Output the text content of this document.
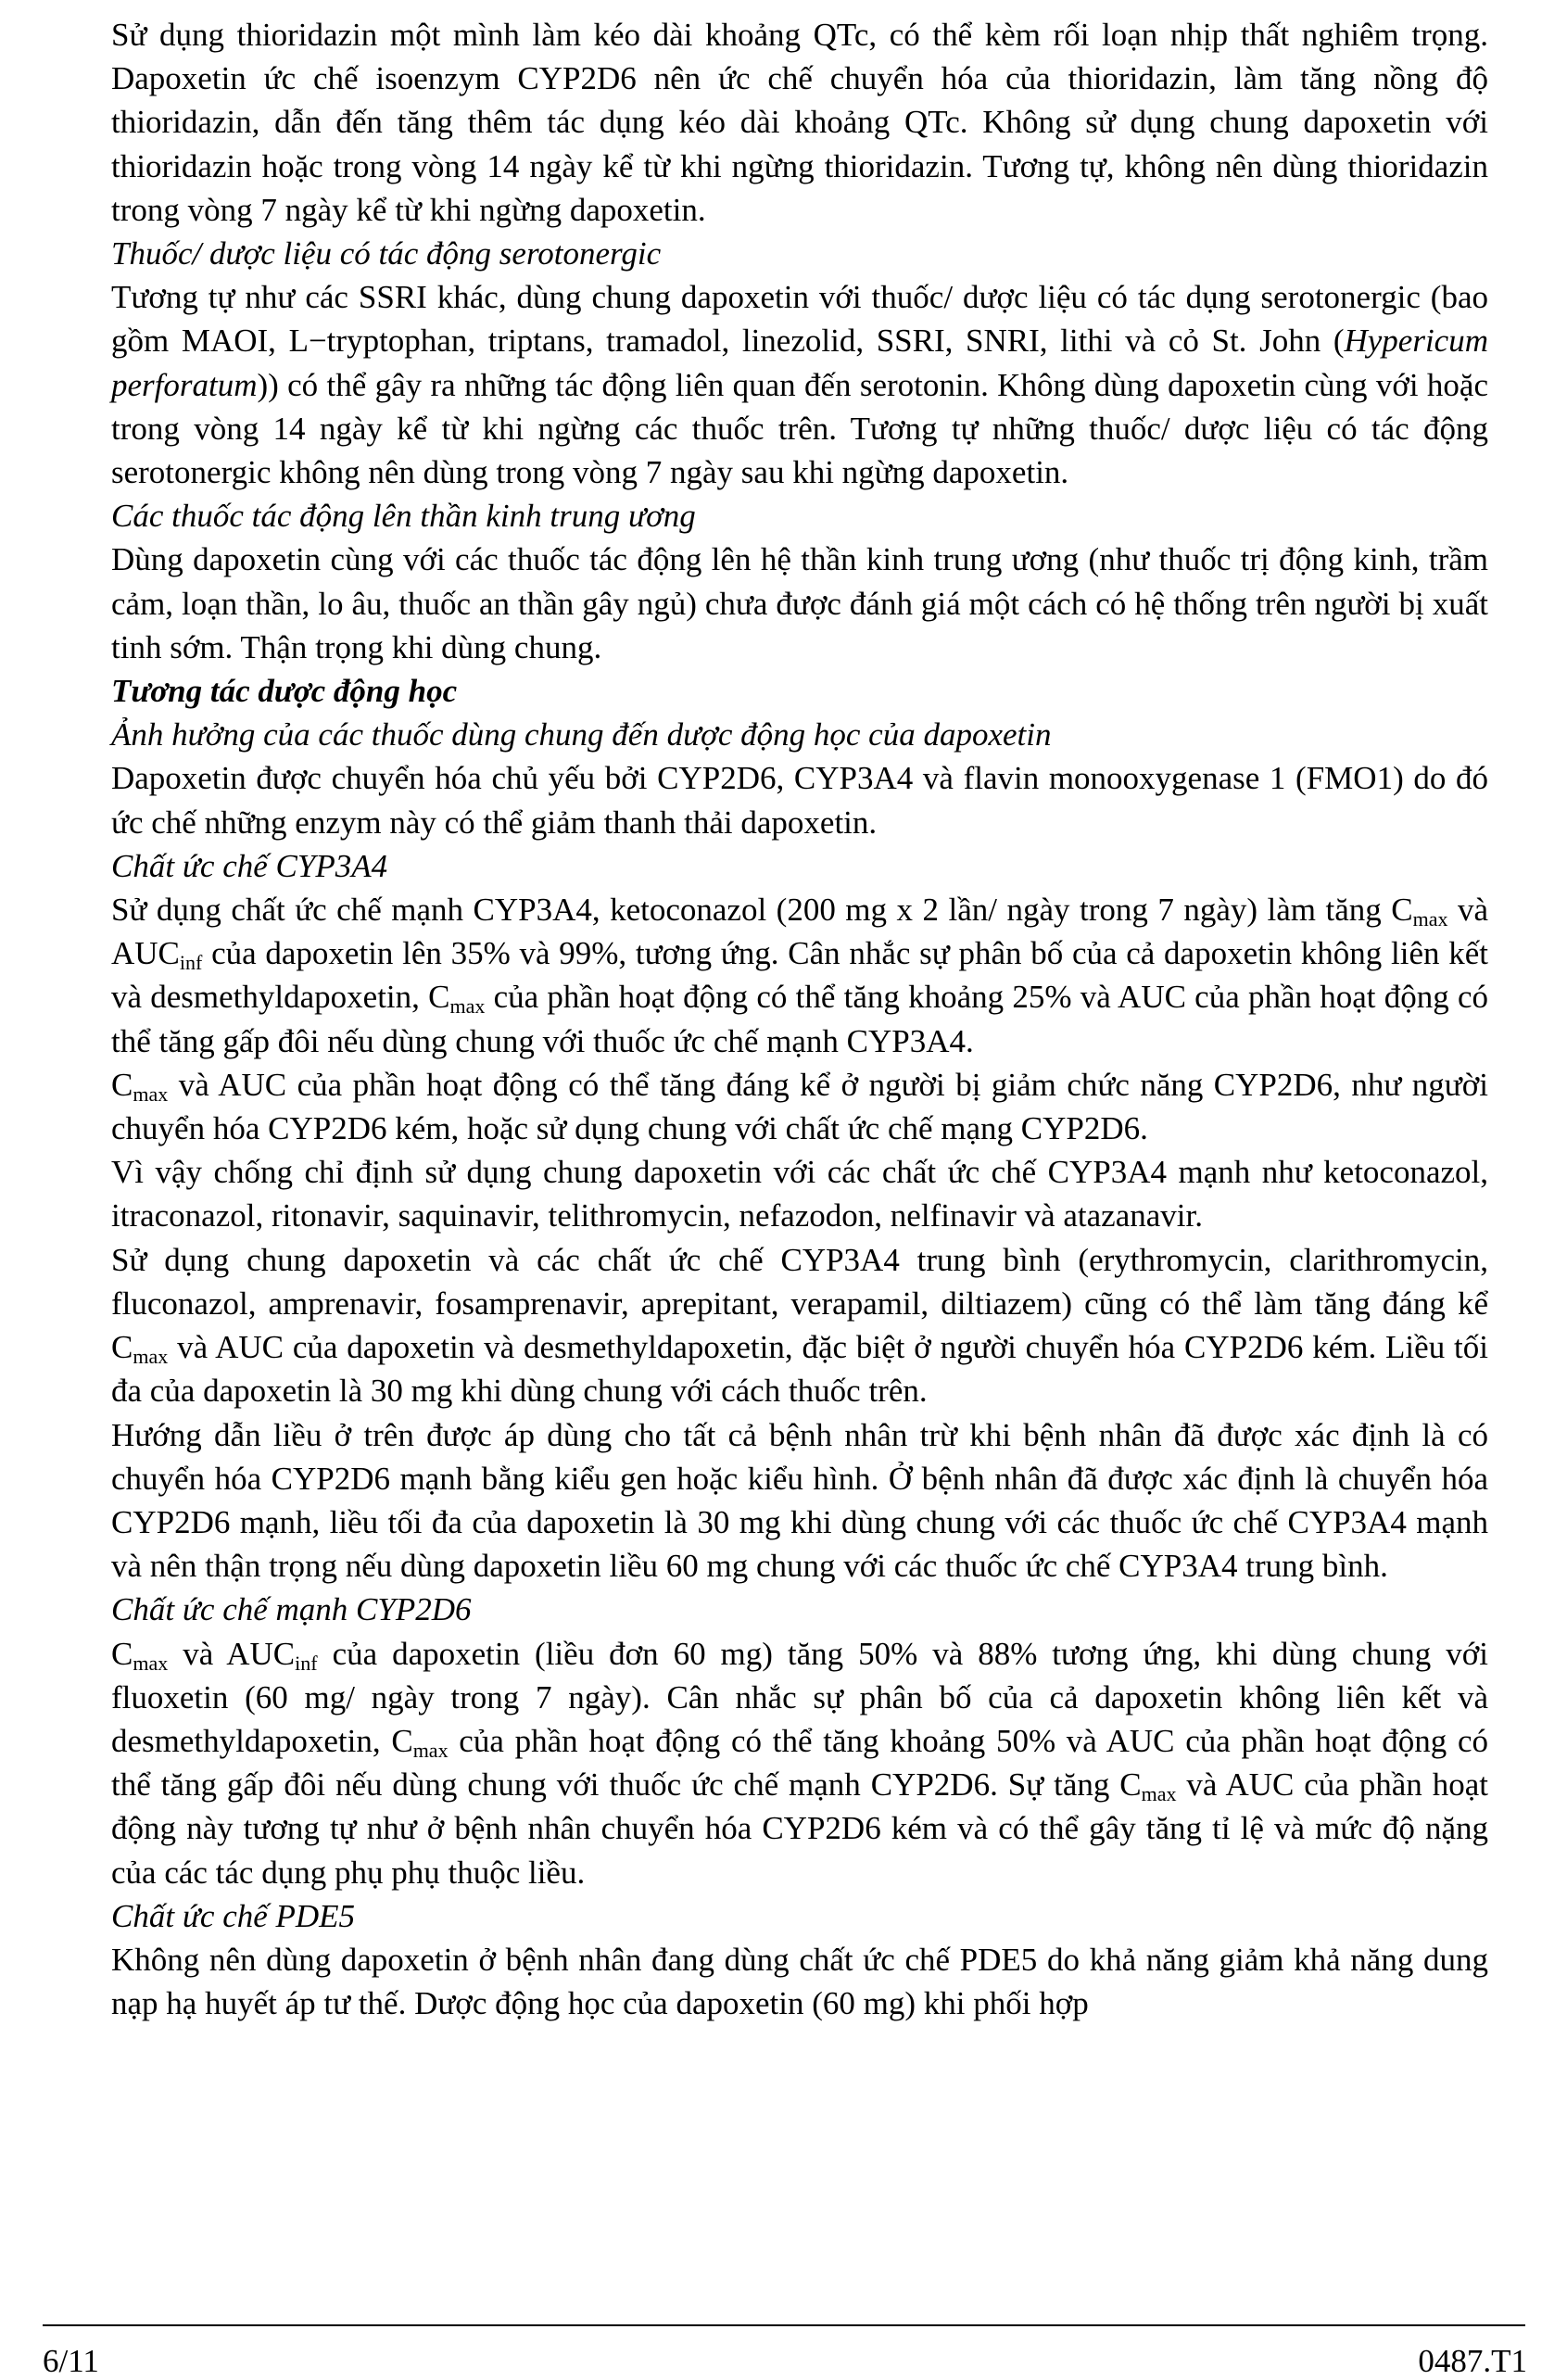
Sử dụng thioridazin một mình làm kéo dài khoảng QTc, có thể kèm rối loạn nhịp thất nghiêm trọng. Dapoxetin ức chế isoenzym CYP2D6 nên ức chế chuyển hóa của thioridazin, làm tăng nồng độ thioridazin, dẫn đến tăng thêm tác dụng kéo dài khoảng QTc. Không sử dụng chung dapoxetin với thioridazin hoặc trong vòng 14 ngày kể từ khi ngừng thioridazin. Tương tự, không nên dùng thioridazin trong vòng 7 ngày kể từ khi ngừng dapoxetin.

Thuốc/ dược liệu có tác động serotonergic

Tương tự như các SSRI khác, dùng chung dapoxetin với thuốc/ dược liệu có tác dụng serotonergic (bao gồm MAOI, L−tryptophan, triptans, tramadol, linezolid, SSRI, SNRI, lithi và cỏ St. John (Hypericum perforatum)) có thể gây ra những tác động liên quan đến serotonin. Không dùng dapoxetin cùng với hoặc trong vòng 14 ngày kể từ khi ngừng các thuốc trên. Tương tự những thuốc/ dược liệu có tác động serotonergic không nên dùng trong vòng 7 ngày sau khi ngừng dapoxetin.

Các thuốc tác động lên thần kinh trung ương

Dùng dapoxetin cùng với các thuốc tác động lên hệ thần kinh trung ương (như thuốc trị động kinh, trầm cảm, loạn thần, lo âu, thuốc an thần gây ngủ) chưa được đánh giá một cách có hệ thống trên người bị xuất tinh sớm. Thận trọng khi dùng chung.

Tương tác dược động học

Ảnh hưởng của các thuốc dùng chung đến dược động học của dapoxetin

Dapoxetin được chuyển hóa chủ yếu bởi CYP2D6, CYP3A4 và flavin monooxygenase 1 (FMO1) do đó ức chế những enzym này có thể giảm thanh thải dapoxetin.

Chất ức chế CYP3A4

Sử dụng chất ức chế mạnh CYP3A4, ketoconazol (200 mg x 2 lần/ ngày trong 7 ngày) làm tăng $C_{max}$ và $AUC_{inf}$ của dapoxetin lên 35% và 99%, tương ứng. Cân nhắc sự phân bố của cả dapoxetin không liên kết và desmethyldapoxetin, $C_{max}$ của phần hoạt động có thể tăng khoảng 25% và AUC của phần hoạt động có thể tăng gấp đôi nếu dùng chung với thuốc ức chế mạnh CYP3A4.

$C_{max}$ và AUC của phần hoạt động có thể tăng đáng kể ở người bị giảm chức năng CYP2D6, như người chuyển hóa CYP2D6 kém, hoặc sử dụng chung với chất ức chế mạng CYP2D6.

Vì vậy chống chỉ định sử dụng chung dapoxetin với các chất ức chế CYP3A4 mạnh như ketoconazol, itraconazol, ritonavir, saquinavir, telithromycin, nefazodon, nelfinavir và atazanavir.

Sử dụng chung dapoxetin và các chất ức chế CYP3A4 trung bình (erythromycin, clarithromycin, fluconazol, amprenavir, fosamprenavir, aprepitant, verapamil, diltiazem) cũng có thể làm tăng đáng kể $C_{max}$ và AUC của dapoxetin và desmethyldapoxetin, đặc biệt ở người chuyển hóa CYP2D6 kém. Liều tối đa của dapoxetin là 30 mg khi dùng chung với cách thuốc trên.

Hướng dẫn liều ở trên được áp dùng cho tất cả bệnh nhân trừ khi bệnh nhân đã được xác định là có chuyển hóa CYP2D6 mạnh bằng kiểu gen hoặc kiểu hình. Ở bệnh nhân đã được xác định là chuyển hóa CYP2D6 mạnh, liều tối đa của dapoxetin là 30 mg khi dùng chung với các thuốc ức chế CYP3A4 mạnh và nên thận trọng nếu dùng dapoxetin liều 60 mg chung với các thuốc ức chế CYP3A4 trung bình.

Chất ức chế mạnh CYP2D6

$C_{max}$ và $AUC_{inf}$ của dapoxetin (liều đơn 60 mg) tăng 50% và 88% tương ứng, khi dùng chung với fluoxetin (60 mg/ ngày trong 7 ngày). Cân nhắc sự phân bố của cả dapoxetin không liên kết và desmethyldapoxetin, $C_{max}$ của phần hoạt động có thể tăng khoảng 50% và AUC của phần hoạt động có thể tăng gấp đôi nếu dùng chung với thuốc ức chế mạnh CYP2D6. Sự tăng $C_{max}$ và AUC của phần hoạt động này tương tự như ở bệnh nhân chuyển hóa CYP2D6 kém và có thể gây tăng tỉ lệ và mức độ nặng của các tác dụng phụ phụ thuộc liều.

Chất ức chế PDE5

Không nên dùng dapoxetin ở bệnh nhân đang dùng chất ức chế PDE5 do khả năng giảm khả năng dung nạp hạ huyết áp tư thế. Dược động học của dapoxetin (60 mg) khi phối hợp

6/11	0487.T1
